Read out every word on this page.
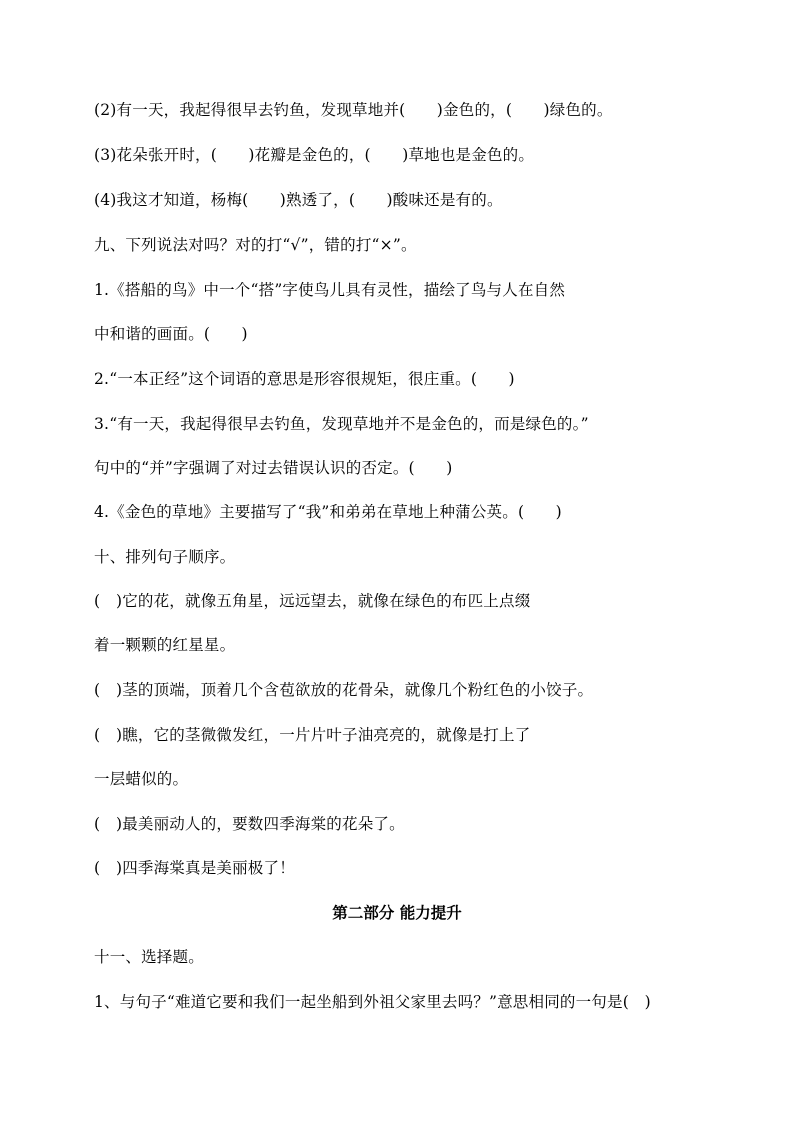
(2)有一天，我起得很早去钓鱼，发现草地并(　　)金色的，(　　)绿色的。
(3)花朵张开时，(　　)花瓣是金色的，(　　)草地也是金色的。
(4)我这才知道，杨梅(　　)熟透了，(　　)酸味还是有的。
九、下列说法对吗？对的打“√”，错的打“×”。
1.《搭船的鸟》中一个“搭”字使鸟儿具有灵性，描绘了鸟与人在自然
中和谐的画面。(　　)
2.“一本正经”这个词语的意思是形容很规矩，很庄重。(　　)
3.“有一天，我起得很早去钓鱼，发现草地并不是金色的，而是绿色的。”
句中的“并”字强调了对过去错误认识的否定。(　　)
4.《金色的草地》主要描写了“我”和弟弟在草地上种蒲公英。(　　)
十、排列句子顺序。
(　)它的花，就像五角星，远远望去，就像在绿色的布匹上点缀
着一颗颗的红星星。
(　)茎的顶端，顶着几个含苞欲放的花骨朵，就像几个粉红色的小饺子。
(　)瞧，它的茎微微发红，一片片叶子油亮亮的，就像是打上了
一层蜡似的。
(　)最美丽动人的，要数四季海棠的花朵了。
(　)四季海棠真是美丽极了！
第二部分 能力提升
十一、选择题。
1、与句子“难道它要和我们一起坐船到外祖父家里去吗？”意思相同的一句是(　)
